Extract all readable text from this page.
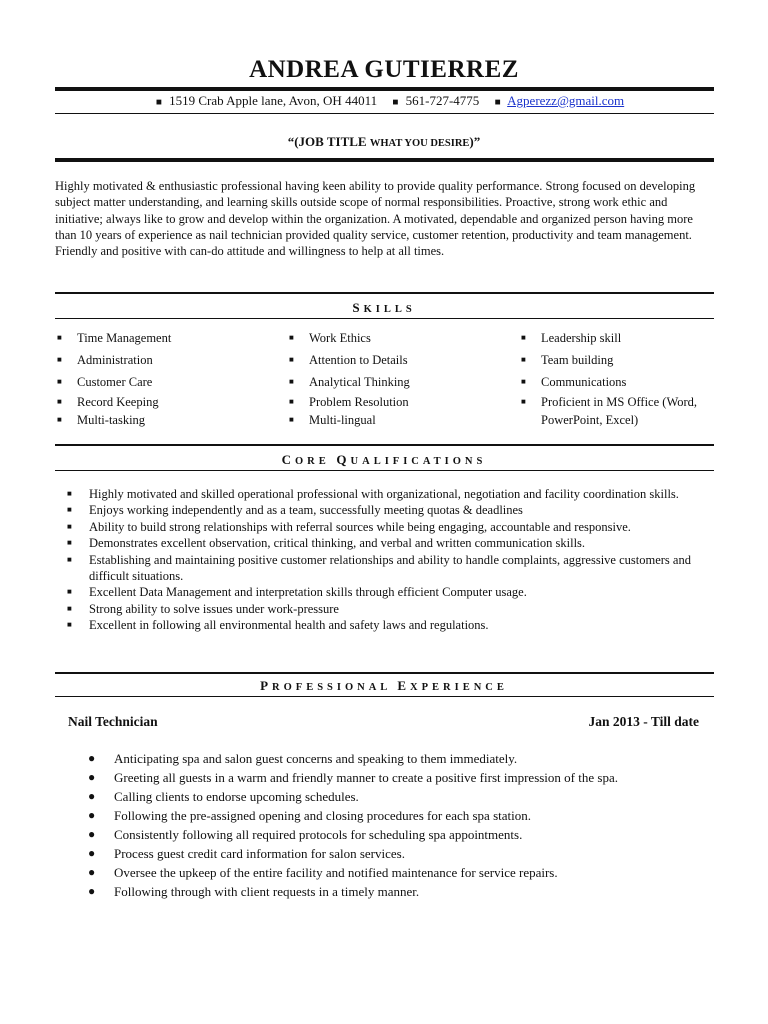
ANDREA GUTIERREZ
■ 1519 Crab Apple lane, Avon, OH 44011 ■ 561-727-4775 ■ Agperezz@gmail.com
“(JOB TITLE WHAT YOU DESIRE)”
Highly motivated & enthusiastic professional having keen ability to provide quality performance. Strong focused on developing subject matter understanding, and learning skills outside scope of normal responsibilities. Proactive, strong work ethic and initiative; always like to grow and develop within the organization. A motivated, dependable and organized person having more than 10 years of experience as nail technician provided quality service, customer retention, productivity and team management. Friendly and positive with can-do attitude and willingness to help at all times.
SKILLS
■ Time Management
■ Administration
■ Customer Care
■ Record Keeping
■ Multi-tasking
■ Work Ethics
■ Attention to Details
■ Analytical Thinking
■ Problem Resolution
■ Multi-lingual
■ Leadership skill
■ Team building
■ Communications
■ Proficient in MS Office (Word,
PowerPoint, Excel)
CORE QUALIFICATIONS
■ Highly motivated and skilled operational professional with organizational, negotiation and facility coordination skills.
■ Enjoys working independently and as a team, successfully meeting quotas & deadlines
■ Ability to build strong relationships with referral sources while being engaging, accountable and responsive.
■ Demonstrates excellent observation, critical thinking, and verbal and written communication skills.
■ Establishing and maintaining positive customer relationships and ability to handle complaints, aggressive customers and difficult situations.
■ Excellent Data Management and interpretation skills through efficient Computer usage.
■ Strong ability to solve issues under work-pressure
■ Excellent in following all environmental health and safety laws and regulations.
PROFESSIONAL EXPERIENCE
Nail Technician	Jan 2013 - Till date
● Anticipating spa and salon guest concerns and speaking to them immediately.
● Greeting all guests in a warm and friendly manner to create a positive first impression of the spa.
● Calling clients to endorse upcoming schedules.
● Following the pre-assigned opening and closing procedures for each spa station.
● Consistently following all required protocols for scheduling spa appointments.
● Process guest credit card information for salon services.
● Oversee the upkeep of the entire facility and notified maintenance for service repairs.
● Following through with client requests in a timely manner.
